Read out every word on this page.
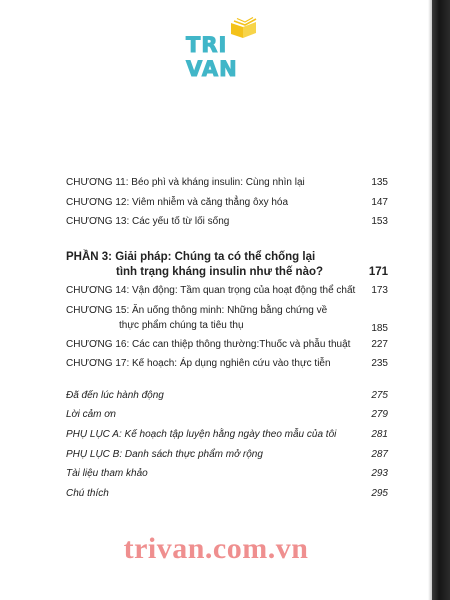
TRI VAN
CHƯƠNG 11: Béo phì và kháng insulin: Cùng nhìn lại	135
CHƯƠNG 12: Viêm nhiễm và căng thẳng ôxy hóa	147
CHƯƠNG 13: Các yếu tố từ lối sống	153
PHẦN 3: Giải pháp: Chúng ta có thể chống lại
tình trạng kháng insulin như thế nào?	171
CHƯƠNG 14: Vận động: Tầm quan trọng của hoạt động thể chất	173
CHƯƠNG 15: Ăn uống thông minh: Những bằng chứng về
thực phẩm chúng ta tiêu thụ	185
CHƯƠNG 16: Các can thiệp thông thường:Thuốc và phẫu thuật	227
CHƯƠNG 17: Kế hoạch: Áp dụng nghiên cứu vào thực tiễn	235
Đã đến lúc hành động	275
Lời cảm ơn	279
PHỤ LỤC A: Kế hoạch tập luyện hằng ngày theo mẫu của tôi	281
PHỤ LỤC B: Danh sách thực phẩm mở rộng	287
Tài liệu tham khảo	293
Chú thích	295
trivan.com.vn
